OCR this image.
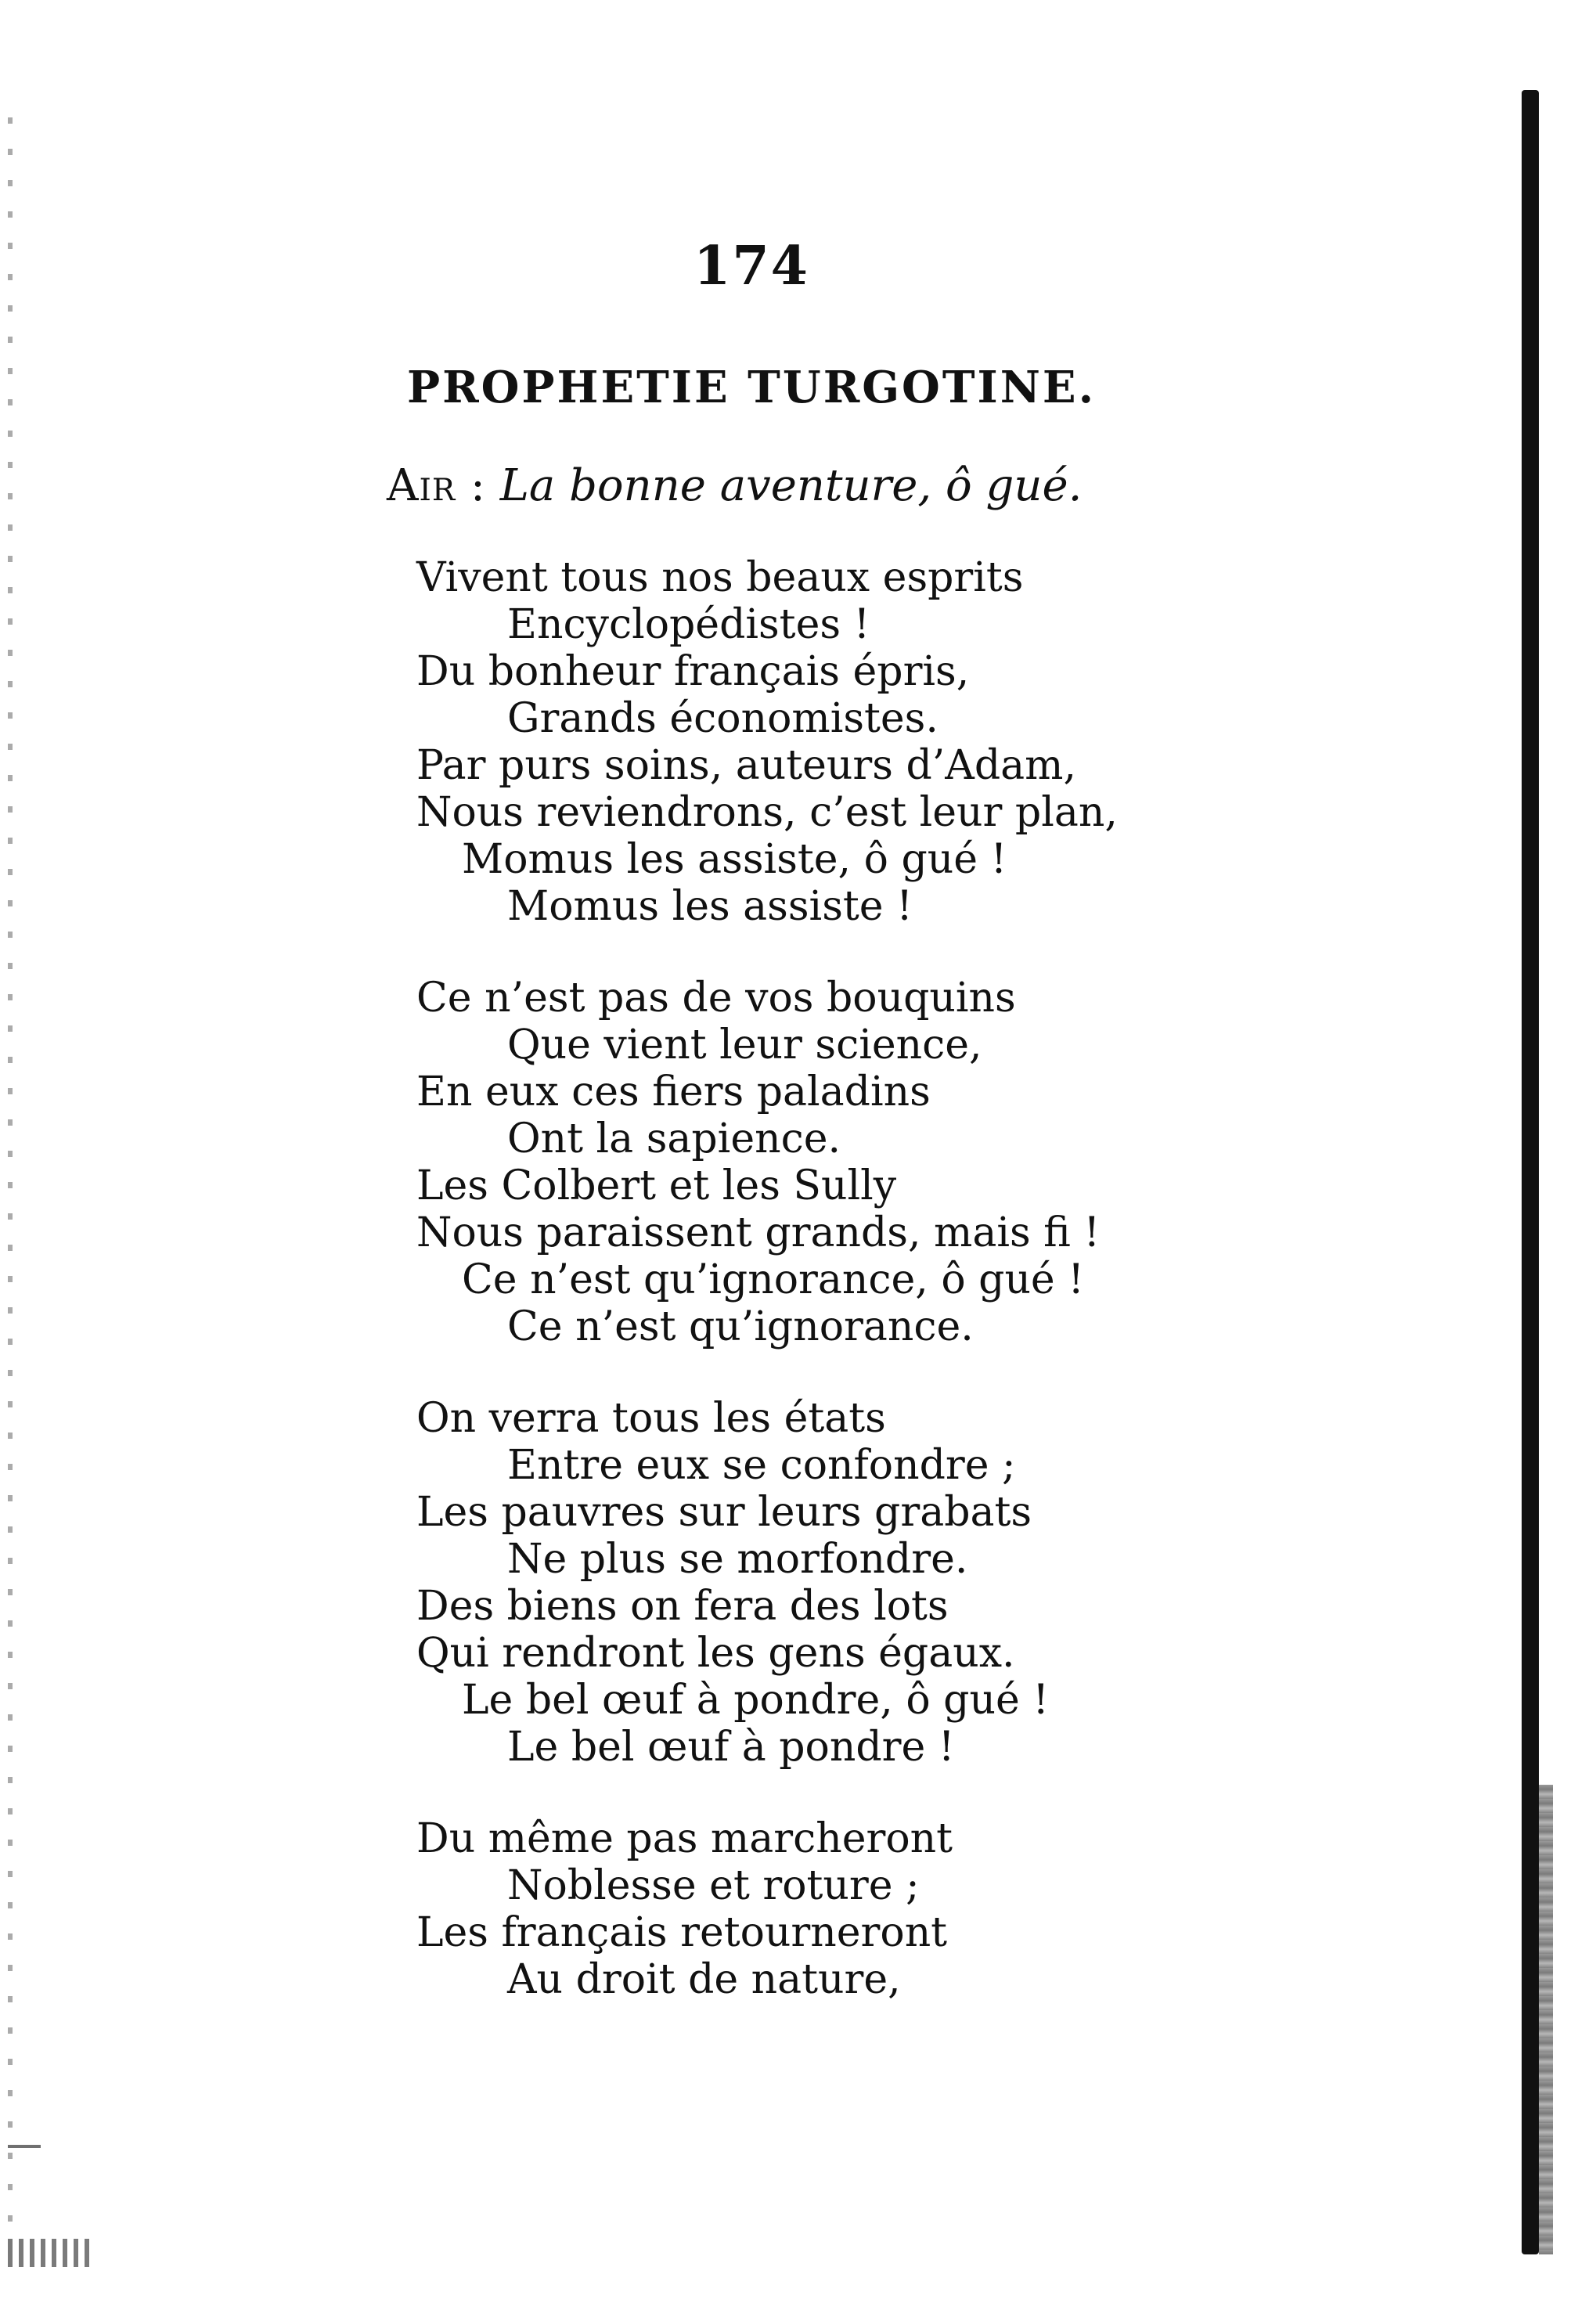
174
PROPHETIE TURGOTINE.
Air : La bonne aventure, ô gué.
Vivent tous nos beaux esprits
Encyclopédistes !
Du bonheur français épris,
Grands économistes.
Par purs soins, auteurs d’Adam,
Nous reviendrons, c’est leur plan,
Momus les assiste, ô gué !
Momus les assiste !
Ce n’est pas de vos bouquins
Que vient leur science,
En eux ces fiers paladins
Ont la sapience.
Les Colbert et les Sully
Nous paraissent grands, mais fi !
Ce n’est qu’ignorance, ô gué !
Ce n’est qu’ignorance.
On verra tous les états
Entre eux se confondre ;
Les pauvres sur leurs grabats
Ne plus se morfondre.
Des biens on fera des lots
Qui rendront les gens égaux.
Le bel œuf à pondre, ô gué !
Le bel œuf à pondre !
Du même pas marcheront
Noblesse et roture ;
Les français retourneront
Au droit de nature,
